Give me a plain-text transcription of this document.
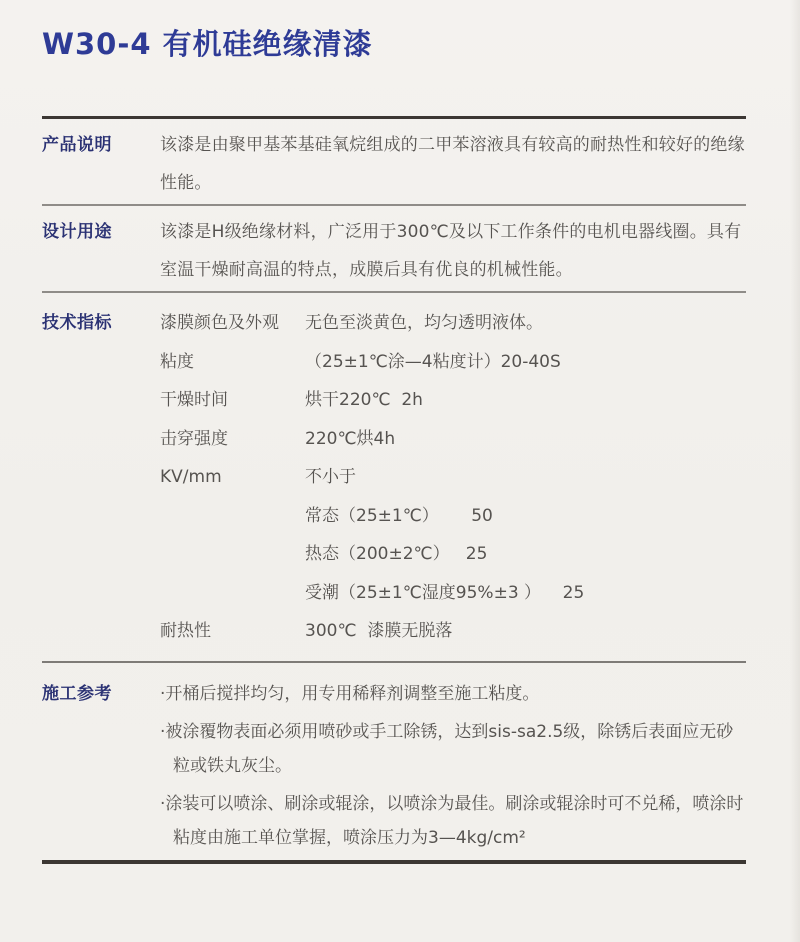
W30-4 有机硅绝缘清漆
产品说明	该漆是由聚甲基苯基硅氧烷组成的二甲苯溶液具有较高的耐热性和较好的绝缘性能。
设计用途	该漆是H级绝缘材料，广泛用于300℃及以下工作条件的电机电器线圈。具有室温干燥耐高温的特点，成膜后具有优良的机械性能。
技术指标	漆膜颜色及外观	无色至淡黄色，均匀透明液体。
粘度	（25±1℃涂—4粘度计）20-40S
干燥时间	烘干220℃  2h
击穿强度	220℃烘4h
KV/mm	不小于
常态（25±1℃）      50
热态（200±2℃）   25
受潮（25±1℃湿度95%±3 ）    25
耐热性	300℃  漆膜无脱落
施工参考	·开桶后搅拌均匀，用专用稀释剂调整至施工粘度。

·被涂覆物表面必须用喷砂或手工除锈，达到sis-sa2.5级，除锈后表面应无砂粒或铁丸灰尘。

·涂装可以喷涂、刷涂或辊涂，以喷涂为最佳。刷涂或辊涂时可不兑稀，喷涂时粘度由施工单位掌握，喷涂压力为3—4kg/cm²
